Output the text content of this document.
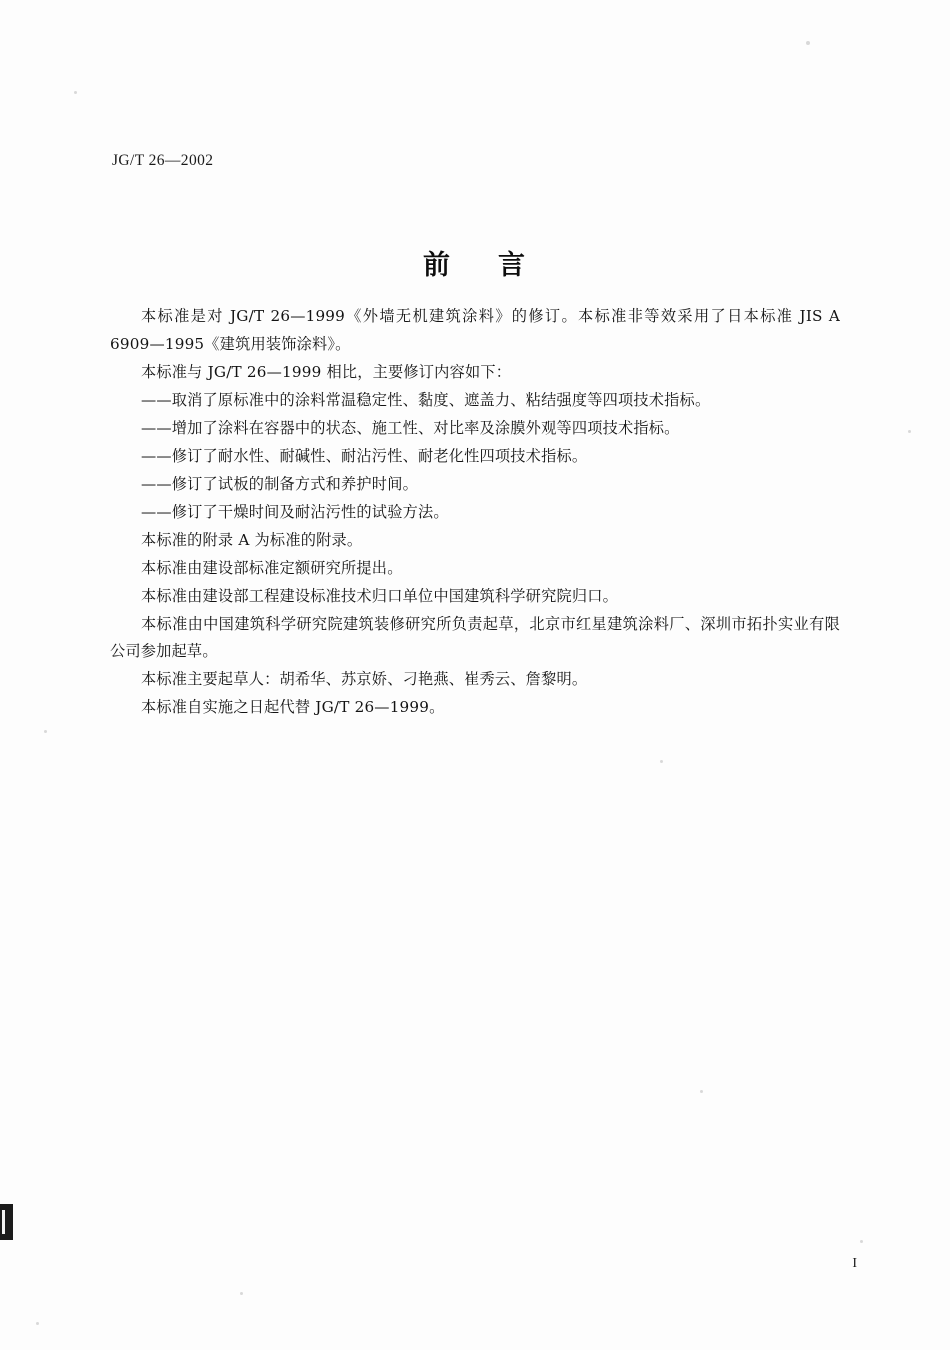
JG/T 26—2002
前 言

本标准是对 JG/T 26—1999《外墙无机建筑涂料》的修订。本标准非等效采用了日本标准 JIS A 6909—1995《建筑用装饰涂料》。

本标准与 JG/T 26—1999 相比，主要修订内容如下：

——取消了原标准中的涂料常温稳定性、黏度、遮盖力、粘结强度等四项技术指标。

——增加了涂料在容器中的状态、施工性、对比率及涂膜外观等四项技术指标。

——修订了耐水性、耐碱性、耐沾污性、耐老化性四项技术指标。

——修订了试板的制备方式和养护时间。

——修订了干燥时间及耐沾污性的试验方法。

本标准的附录 A 为标准的附录。

本标准由建设部标准定额研究所提出。

本标准由建设部工程建设标准技术归口单位中国建筑科学研究院归口。

本标准由中国建筑科学研究院建筑装修研究所负责起草，北京市红星建筑涂料厂、深圳市拓扑实业有限公司参加起草。

本标准主要起草人：胡希华、苏京娇、刁艳燕、崔秀云、詹黎明。

本标准自实施之日起代替 JG/T 26—1999。

I
